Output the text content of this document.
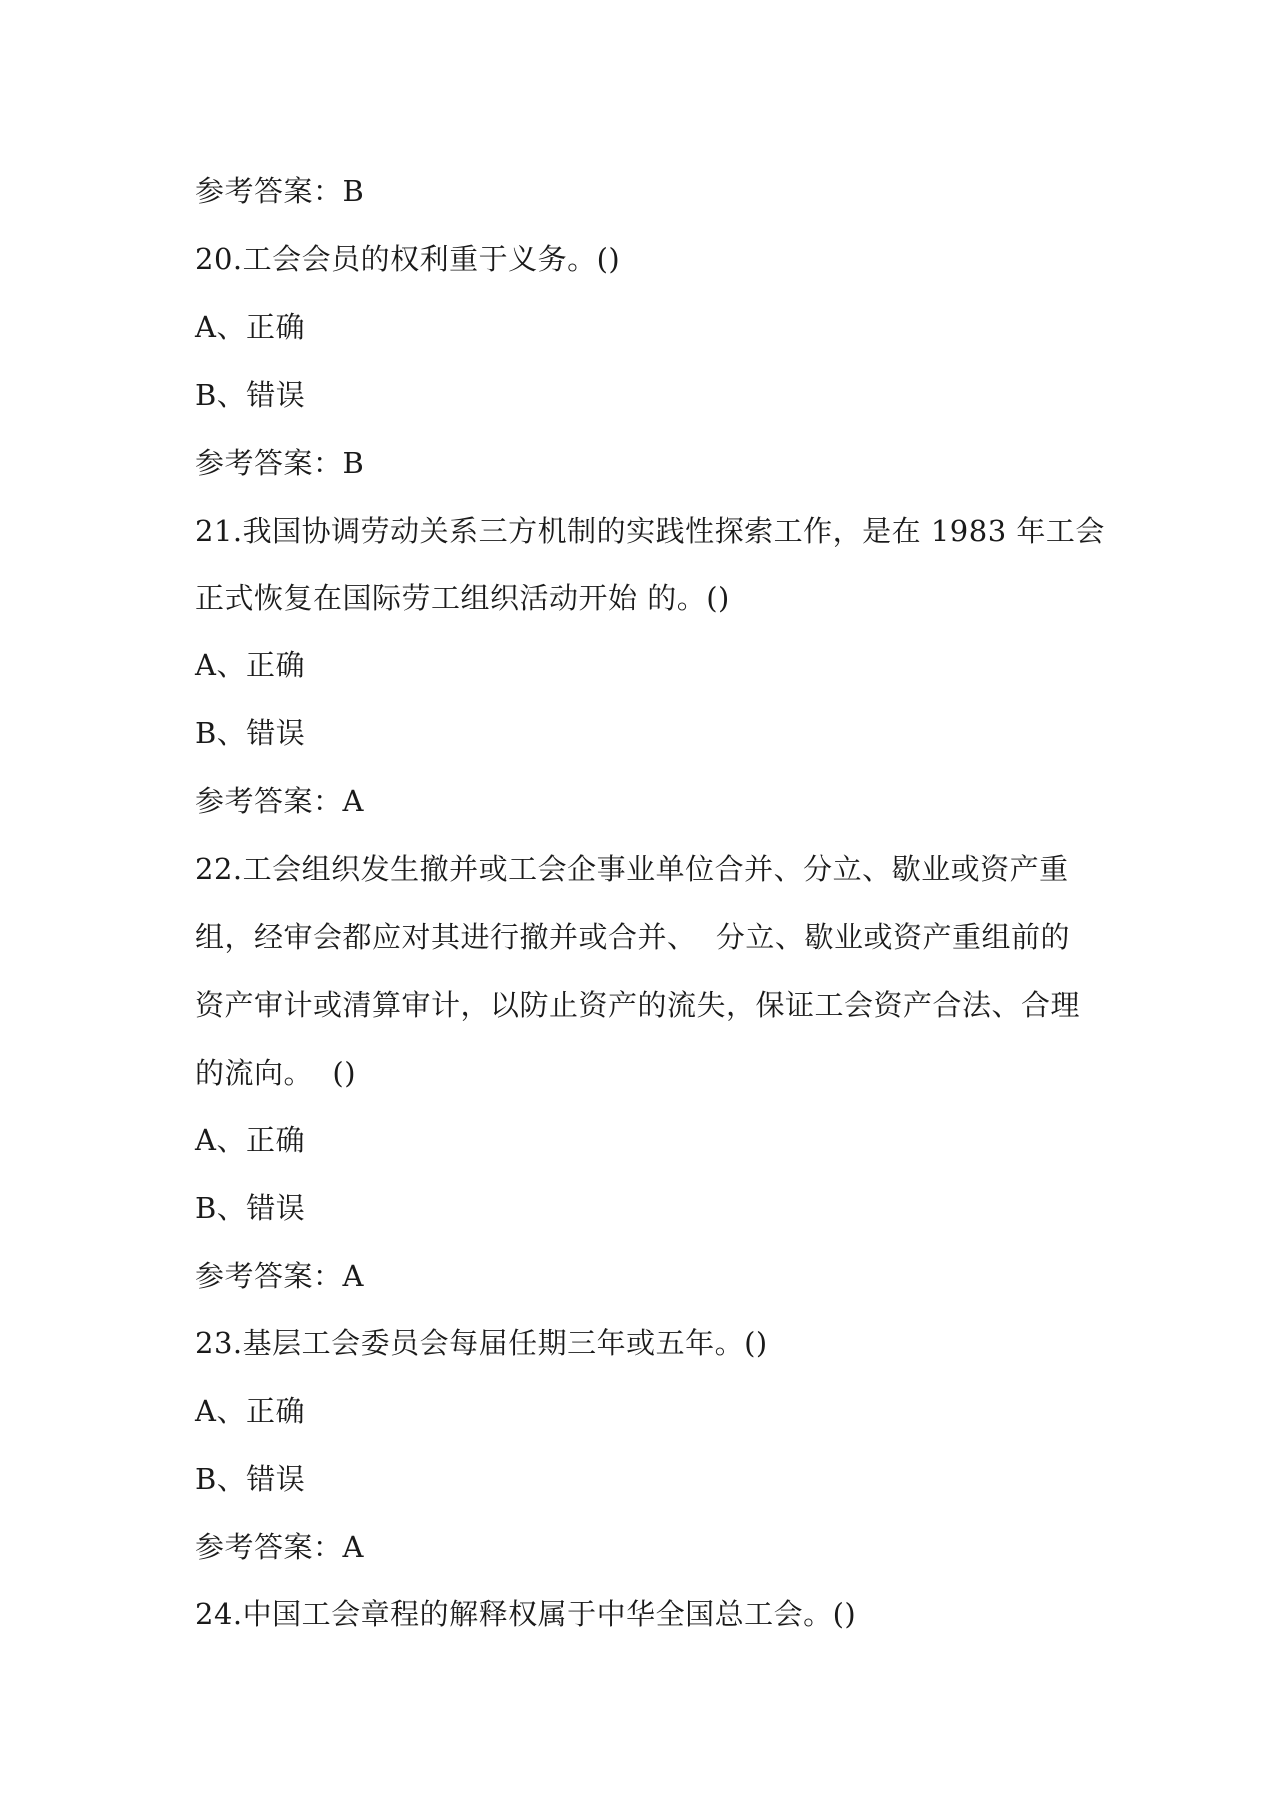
参考答案：B
20.工会会员的权利重于义务。()
A、正确
B、错误
参考答案：B
21.我国协调劳动关系三方机制的实践性探索工作，是在 1983 年工会
正式恢复在国际劳工组织活动开始 的。()
A、正确
B、错误
参考答案：A
22.工会组织发生撤并或工会企事业单位合并、分立、歇业或资产重
组，经审会都应对其进行撤并或合并、  分立、歇业或资产重组前的
资产审计或清算审计，以防止资产的流失，保证工会资产合法、合理
的流向。  ()
A、正确
B、错误
参考答案：A
23.基层工会委员会每届任期三年或五年。()
A、正确
B、错误
参考答案：A
24.中国工会章程的解释权属于中华全国总工会。()
